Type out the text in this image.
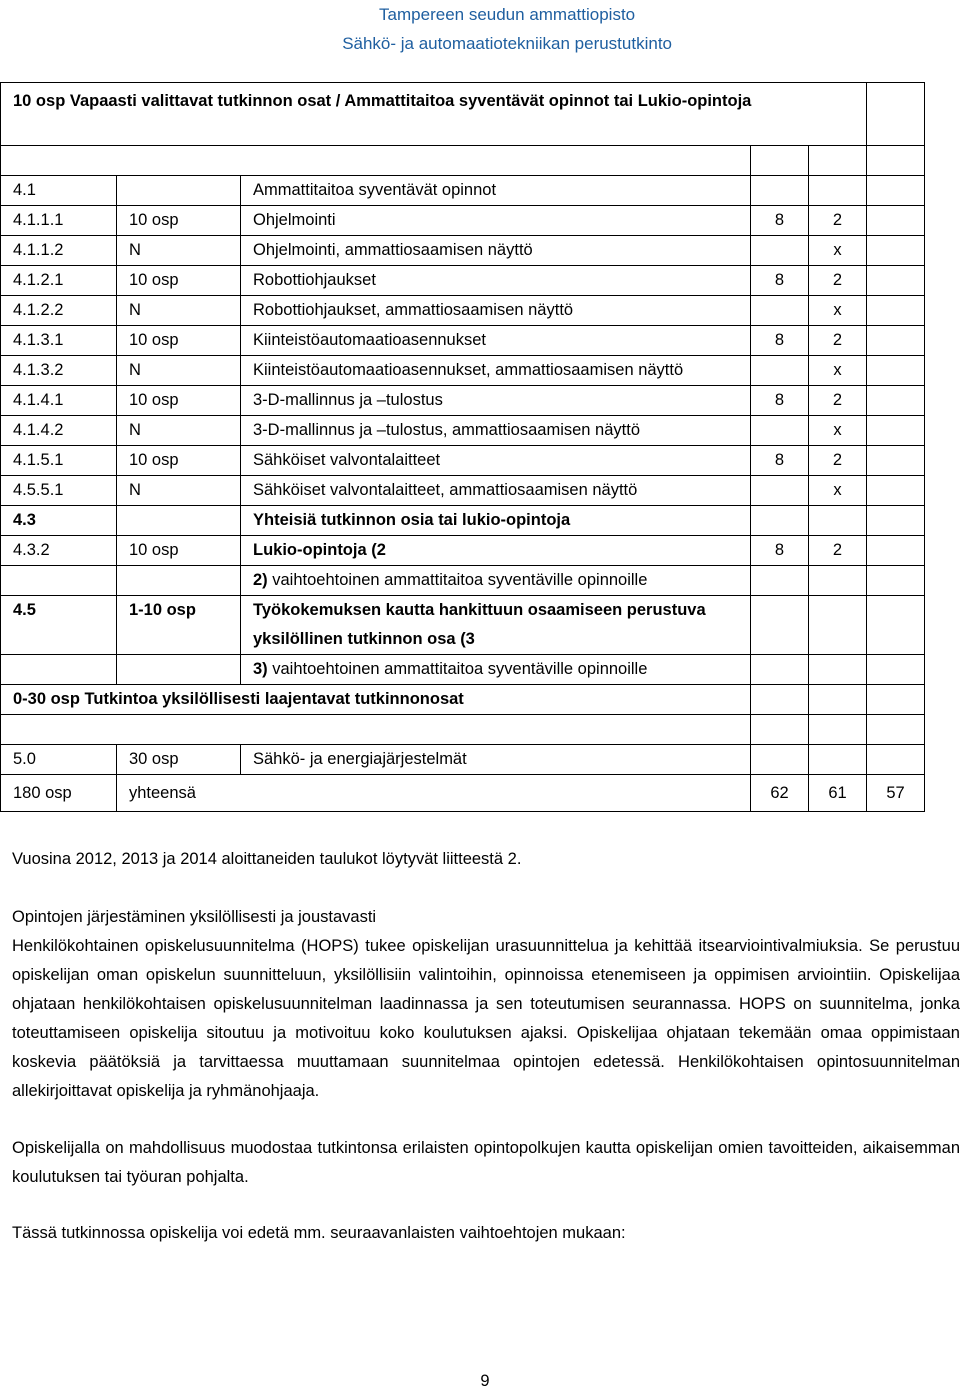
Tampereen seudun ammattiopisto
Sähkö- ja automaatiotekniikan perustutkinto
10 osp Vapaasti valittavat tutkinnon osat / Ammattitaitoa syventävät opinnot tai Lukio-opintoja					

4.1		Ammattitaitoa syventävät opinnot			
4.1.1.1	10 osp	Ohjelmointi	8	2	
4.1.1.2	N	Ohjelmointi, ammattiosaamisen näyttö		x	
4.1.2.1	10 osp	Robottiohjaukset	8	2	
4.1.2.2	N	Robottiohjaukset, ammattiosaamisen näyttö		x	
4.1.3.1	10 osp	Kiinteistöautomaatioasennukset	8	2	
4.1.3.2	N	Kiinteistöautomaatioasennukset, ammattiosaamisen näyttö		x	
4.1.4.1	10 osp	3-D-mallinnus ja –tulostus	8	2	
4.1.4.2	N	3-D-mallinnus ja –tulostus, ammattiosaamisen näyttö		x	
4.1.5.1	10 osp	Sähköiset valvontalaitteet	8	2	
4.5.5.1	N	Sähköiset valvontalaitteet, ammattiosaamisen näyttö		x	
4.3		Yhteisiä tutkinnon osia tai lukio-opintoja			
4.3.2	10 osp	Lukio-opintoja (2	8	2	
		2) vaihtoehtoinen ammattitaitoa syventäville opinnoille			
4.5	1-10 osp	Työkokemuksen kautta hankittuun osaamiseen perustuva yksilöllinen tutkinnon osa (3			
		3) vaihtoehtoinen ammattitaitoa syventäville opinnoille			
0-30 osp Tutkintoa yksilöllisesti laajentavat tutkinnonosat					

5.0	30 osp	Sähkö- ja energiajärjestelmät			
180 osp	yhteensä		62	61	57

Vuosina 2012, 2013 ja 2014 aloittaneiden taulukot löytyvät liitteestä 2.

Opintojen järjestäminen yksilöllisesti ja joustavasti

Henkilökohtainen opiskelusuunnitelma (HOPS) tukee opiskelijan urasuunnittelua ja kehittää itsearviointivalmiuksia. Se perustuu opiskelijan oman opiskelun suunnitteluun, yksilöllisiin valintoihin, opinnoissa etenemiseen ja oppimisen arviointiin. Opiskelijaa ohjataan henkilökohtaisen opiskelusuunnitelman laadinnassa ja sen toteutumisen seurannassa. HOPS on suunnitelma, jonka toteuttamiseen opiskelija sitoutuu ja motivoituu koko koulutuksen ajaksi. Opiskelijaa ohjataan tekemään omaa oppimistaan koskevia päätöksiä ja tarvittaessa muuttamaan suunnitelmaa opintojen edetessä. Henkilökohtaisen opintosuunnitelman allekirjoittavat opiskelija ja ryhmänohjaaja.

Opiskelijalla on mahdollisuus muodostaa tutkintonsa erilaisten opintopolkujen kautta opiskelijan omien tavoitteiden, aikaisemman koulutuksen tai työuran pohjalta.

Tässä tutkinnossa opiskelija voi edetä mm. seuraavanlaisten vaihtoehtojen mukaan:

9
